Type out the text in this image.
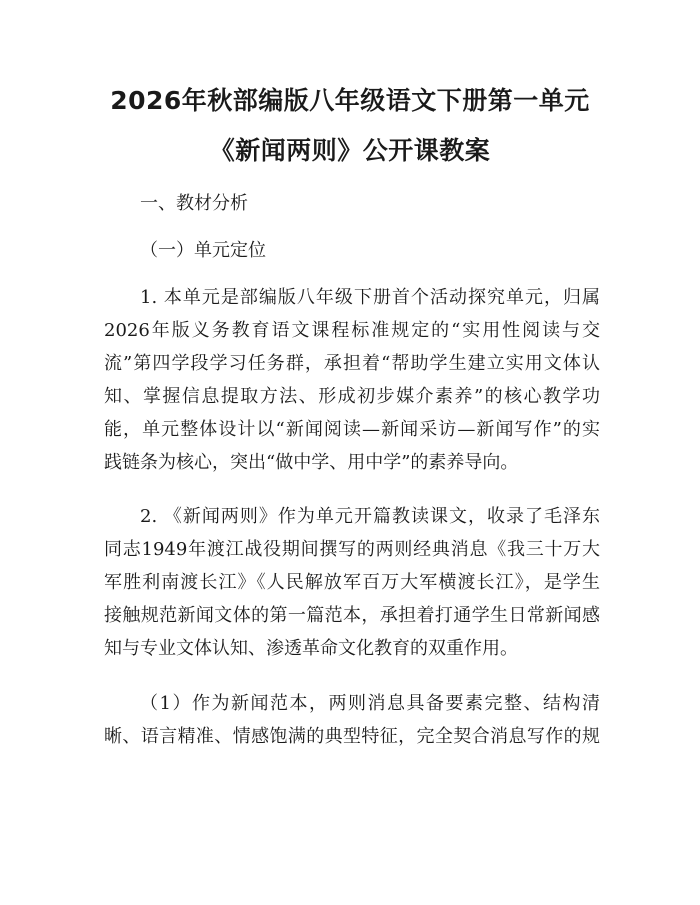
2026年秋部编版八年级语文下册第一单元
《新闻两则》公开课教案
一、教材分析
（一）单元定位
1. 本单元是部编版八年级下册首个活动探究单元，归属
2026年版义务教育语文课程标准规定的“实用性阅读与交
流”第四学段学习任务群，承担着“帮助学生建立实用文体认
知、掌握信息提取方法、形成初步媒介素养”的核心教学功
能，单元整体设计以“新闻阅读—新闻采访—新闻写作”的实
践链条为核心，突出“做中学、用中学”的素养导向。
2. 《新闻两则》作为单元开篇教读课文，收录了毛泽东
同志1949年渡江战役期间撰写的两则经典消息《我三十万大
军胜利南渡长江》《人民解放军百万大军横渡长江》，是学生
接触规范新闻文体的第一篇范本，承担着打通学生日常新闻感
知与专业文体认知、渗透革命文化教育的双重作用。
（1）作为新闻范本，两则消息具备要素完整、结构清
晰、语言精准、情感饱满的典型特征，完全契合消息写作的规
